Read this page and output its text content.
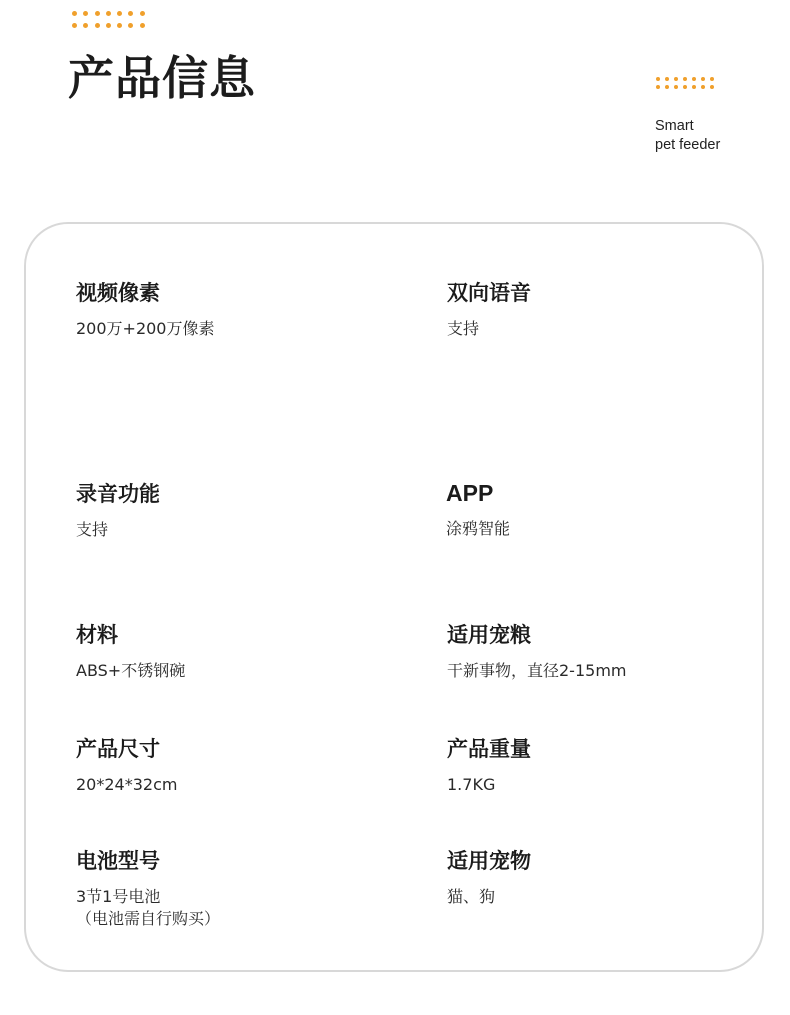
产品信息
Smart
pet feeder
视频像素
200万+200万像素
双向语音
支持
录音功能
支持
APP
涂鸦智能
材料
ABS+不锈钢碗
适用宠粮
干新事物，直径2-15mm
产品尺寸
20*24*32cm
产品重量
1.7KG
电池型号
3节1号电池
（电池需自行购买）
适用宠物
猫、狗
